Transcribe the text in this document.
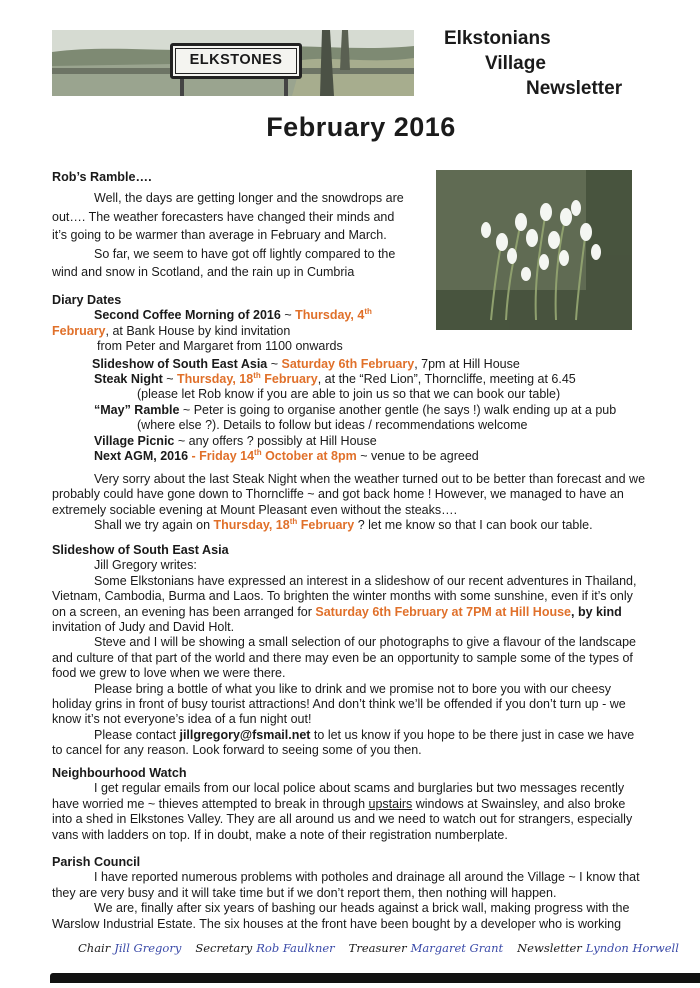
ELKSTONES
Elkstonians
Village
Newsletter
February 2016

Rob’s Ramble….

Well, the days are getting longer and the snowdrops are

out…. The weather forecasters have changed their minds and

it’s going to be warmer than average in February and March.

So far, we seem to have got off lightly compared to the

wind and snow in Scotland, and the rain up in Cumbria

Diary Dates

Second Coffee Morning of 2016 ~ Thursday, 4th

February, at Bank House by kind invitation

from Peter and Margaret from 1100 onwards

Slideshow of South East Asia ~ Saturday 6th February, 7pm at Hill House

Steak Night ~ Thursday, 18th February, at the “Red Lion”, Thorncliffe, meeting at 6.45

(please let Rob know if you are able to join us so that we can book our table)

“May” Ramble ~ Peter is going to organise another gentle (he says !) walk ending up at a pub

(where else ?). Details to follow but ideas / recommendations welcome

Village Picnic ~ any offers ? possibly at Hill House

Next AGM, 2016 - Friday 14th October at 8pm ~ venue to be agreed

Very sorry about the last Steak Night when the weather turned out to be better than forecast and we

probably could have gone down to Thorncliffe ~ and got back home ! However, we managed to have an

extremely sociable evening at Mount Pleasant even without the steaks….

Shall we try again on Thursday, 18th February ? let me know so that I can book our table.

Slideshow of South East Asia

Jill Gregory writes:

Some Elkstonians have expressed an interest in a slideshow of our recent adventures in Thailand,

Vietnam, Cambodia, Burma and Laos. To brighten the winter months with some sunshine, even if it’s only

on a screen, an evening has been arranged for Saturday 6th February at 7PM at Hill House, by kind

invitation of Judy and David Holt.

Steve and I will be showing a small selection of our photographs to give a flavour of the landscape

and culture of that part of the world and there may even be an opportunity to sample some of the types of

food we grew to love when we were there.

Please bring a bottle of what you like to drink and we promise not to bore you with our cheesy

holiday grins in front of busy tourist attractions! And don’t think we’ll be offended if you don’t turn up - we

know it’s not everyone’s idea of a fun night out!

Please contact jillgregory@fsmail.net to let us know if you hope to be there just in case we have

to cancel for any reason. Look forward to seeing some of you then.

Neighbourhood Watch

I get regular emails from our local police about scams and burglaries but two messages recently

have worried me ~ thieves attempted to break in through upstairs windows at Swainsley, and also broke

into a shed in Elkstones Valley. They are all around us and we need to watch out for strangers, especially

vans with ladders on top. If in doubt, make a note of their registration numberplate.

Parish Council

I have reported numerous problems with potholes and drainage all around the Village ~ I know that

they are very busy and it will take time but if we don’t report them, then nothing will happen.

We are, finally after six years of bashing our heads against a brick wall, making progress with the

Warslow Industrial Estate. The six houses at the front have been bought by a developer who is working

Chair Jill Gregory Secretary Rob Faulkner Treasurer Margaret Grant Newsletter Lyndon Horwell
